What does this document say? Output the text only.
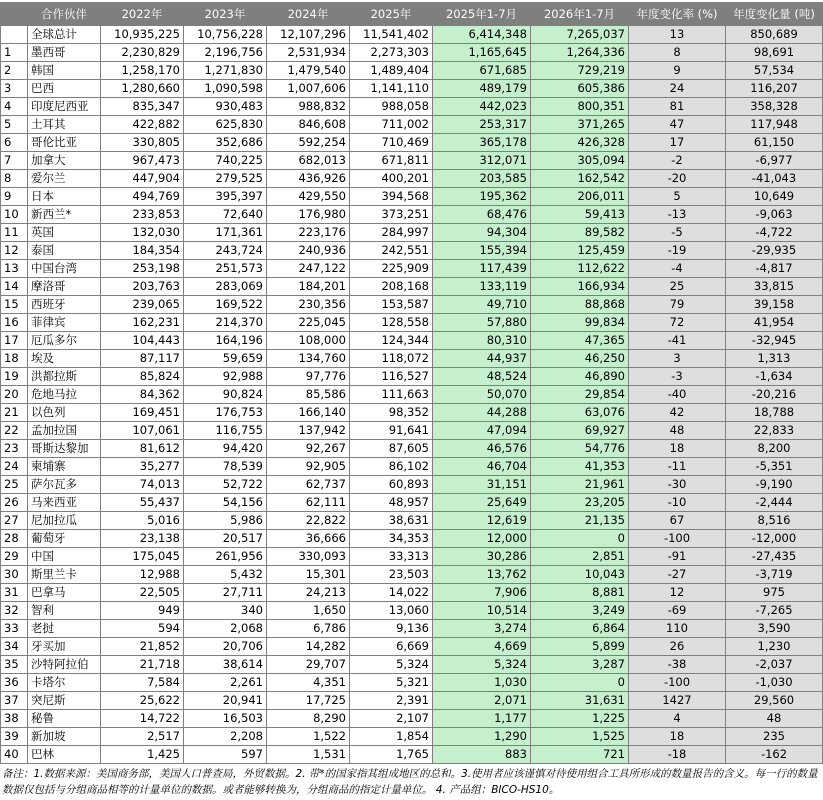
	合作伙伴	2022年	2023年	2024年	2025年	2025年1-7月	2026年1-7月	年度变化率 (%)	年度变化量 (吨)
	全球总计	10,935,225	10,756,228	12,107,296	11,541,402	6,414,348	7,265,037	13	850,689
1	墨西哥	2,230,829	2,196,756	2,531,934	2,273,303	1,165,645	1,264,336	8	98,691
2	韩国	1,258,170	1,271,830	1,479,540	1,489,404	671,685	729,219	9	57,534
3	巴西	1,280,660	1,090,598	1,007,606	1,141,110	489,179	605,386	24	116,207
4	印度尼西亚	835,347	930,483	988,832	988,058	442,023	800,351	81	358,328
5	土耳其	422,882	625,830	846,608	711,002	253,317	371,265	47	117,948
6	哥伦比亚	330,805	352,686	592,254	710,469	365,178	426,328	17	61,150
7	加拿大	967,473	740,225	682,013	671,811	312,071	305,094	-2	-6,977
8	爱尔兰	447,904	279,525	436,926	400,201	203,585	162,542	-20	-41,043
9	日本	494,769	395,397	429,550	394,568	195,362	206,011	5	10,649
10	新西兰*	233,853	72,640	176,980	373,251	68,476	59,413	-13	-9,063
11	英国	132,030	171,361	223,176	284,997	94,304	89,582	-5	-4,722
12	泰国	184,354	243,724	240,936	242,551	155,394	125,459	-19	-29,935
13	中国台湾	253,198	251,573	247,122	225,909	117,439	112,622	-4	-4,817
14	摩洛哥	203,763	283,069	184,201	208,168	133,119	166,934	25	33,815
15	西班牙	239,065	169,522	230,356	153,587	49,710	88,868	79	39,158
16	菲律宾	162,231	214,370	225,045	128,558	57,880	99,834	72	41,954
17	厄瓜多尔	104,443	164,196	108,000	124,344	80,310	47,365	-41	-32,945
18	埃及	87,117	59,659	134,760	118,072	44,937	46,250	3	1,313
19	洪都拉斯	85,824	92,988	97,776	116,527	48,524	46,890	-3	-1,634
20	危地马拉	84,362	90,824	85,586	111,663	50,070	29,854	-40	-20,216
21	以色列	169,451	176,753	166,140	98,352	44,288	63,076	42	18,788
22	孟加拉国	107,061	116,755	137,942	91,641	47,094	69,927	48	22,833
23	哥斯达黎加	81,612	94,420	92,267	87,605	46,576	54,776	18	8,200
24	柬埔寨	35,277	78,539	92,905	86,102	46,704	41,353	-11	-5,351
25	萨尔瓦多	74,013	52,722	62,737	60,893	31,151	21,961	-30	-9,190
26	马来西亚	55,437	54,156	62,111	48,957	25,649	23,205	-10	-2,444
27	尼加拉瓜	5,016	5,986	22,822	38,631	12,619	21,135	67	8,516
28	葡萄牙	23,138	20,517	36,666	34,353	12,000	0	-100	-12,000
29	中国	175,045	261,956	330,093	33,313	30,286	2,851	-91	-27,435
30	斯里兰卡	12,988	5,432	15,301	23,503	13,762	10,043	-27	-3,719
31	巴拿马	22,505	27,711	24,213	14,022	7,906	8,881	12	975
32	智利	949	340	1,650	13,060	10,514	3,249	-69	-7,265
33	老挝	594	2,068	6,786	9,136	3,274	6,864	110	3,590
34	牙买加	21,852	20,706	14,282	6,669	4,669	5,899	26	1,230
35	沙特阿拉伯	21,718	38,614	29,707	5,324	5,324	3,287	-38	-2,037
36	卡塔尔	7,584	2,261	4,351	5,321	1,030	0	-100	-1,030
37	突尼斯	25,622	20,941	17,725	2,391	2,071	31,631	1427	29,560
38	秘鲁	14,722	16,503	8,290	2,107	1,177	1,225	4	48
39	新加坡	2,517	2,208	1,522	1,854	1,290	1,525	18	235
40	巴林	1,425	597	1,531	1,765	883	721	-18	-162
备注：1.数据来源：美国商务部，美国人口普查局，外贸数据。2. 带*的国家指其组成地区的总和。3.使用者应该谨慎对待使用组合工具所形成的数量报告的含义。每一行的数量数据仅包括与分组商品相等的计量单位的数据。或者能够转换为，分组商品的指定计量单位。 4. 产品组：BICO-HS10。
